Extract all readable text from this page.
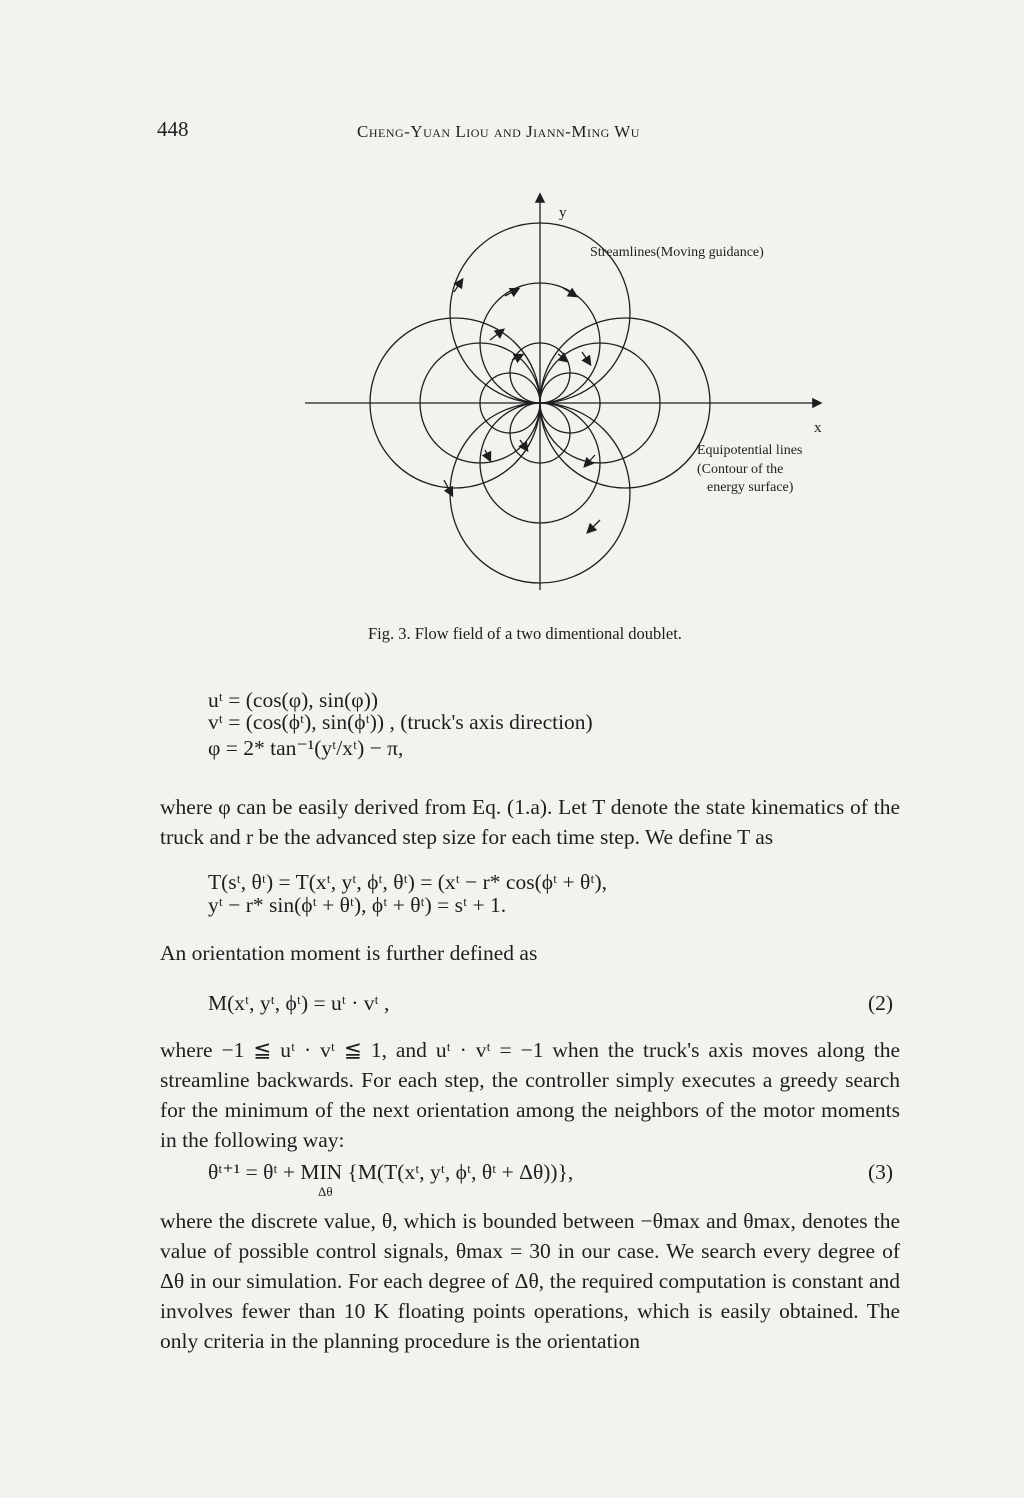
448	Cheng-Yuan Liou and Jiann-Ming Wu
y
x
Streamlines(Moving guidance)
Equipotential lines
(Contour of the
energy surface)
Fig. 3. Flow field of a two dimentional doublet.
uᵗ = (cos(φ), sin(φ))
vᵗ = (cos(ϕᵗ), sin(ϕᵗ)) , (truck's axis direction)
φ = 2* tan⁻¹(yᵗ/xᵗ) − π,
where φ can be easily derived from Eq. (1.a). Let T denote the state kinematics of the truck and r be the advanced step size for each time step. We define T as
T(sᵗ, θᵗ) = T(xᵗ, yᵗ, ϕᵗ, θᵗ) = (xᵗ − r* cos(ϕᵗ + θᵗ),
yᵗ − r* sin(ϕᵗ + θᵗ), ϕᵗ + θᵗ) = sᵗ + 1.
An orientation moment is further defined as
M(xᵗ, yᵗ, ϕᵗ) = uᵗ · vᵗ ,	(2)
where −1 ≦ uᵗ · vᵗ ≦ 1, and uᵗ · vᵗ = −1 when the truck's axis moves along the streamline backwards. For each step, the controller simply executes a greedy search for the minimum of the next orientation among the neighbors of the motor moments in the following way:
θᵗ⁺¹ = θᵗ + MIN {M(T(xᵗ, yᵗ, ϕᵗ, θᵗ + Δθ))},
Δθ
(3)
where the discrete value, θ, which is bounded between −θmax and θmax, denotes the value of possible control signals, θmax = 30 in our case. We search every degree of Δθ in our simulation. For each degree of Δθ, the required computation is constant and involves fewer than 10 K floating points operations, which is easily obtained. The only criteria in the planning procedure is the orientation
